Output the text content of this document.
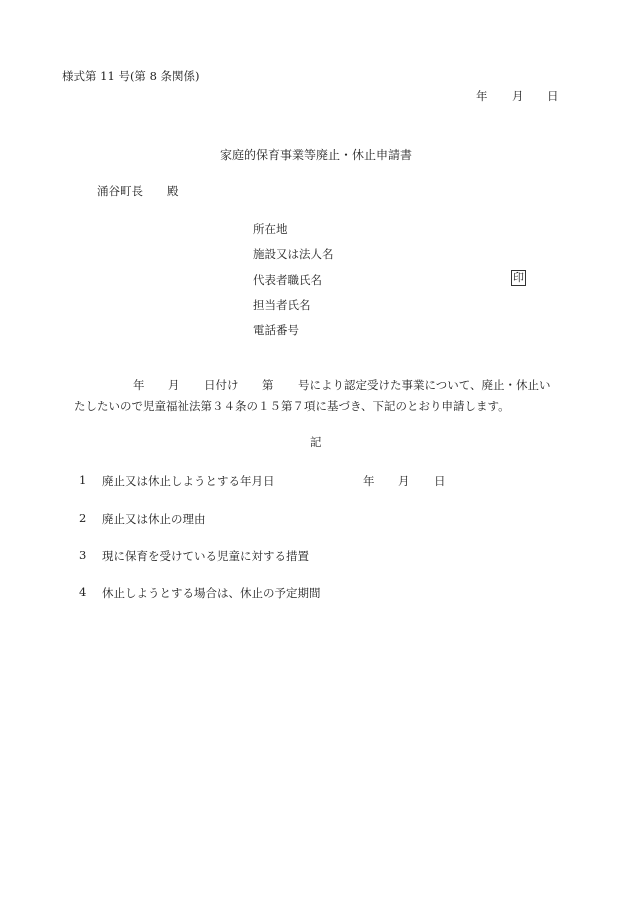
様式第 11 号(第 8 条関係)
年 月 日
家庭的保育事業等廃止・休止申請書
涌谷町長 殿
所在地
施設又は法人名
代表者職氏名	印
担当者氏名
電話番号
年 月 日付け 第 号により認定受けた事業について、廃止・休止い
たしたいので児童福祉法第３４条の１５第７項に基づき、下記のとおり申請します。
記
1 廃止又は休止しようとする年月日	年 月 日
2 廃止又は休止の理由
3 現に保育を受けている児童に対する措置
4 休止しようとする場合は、休止の予定期間
